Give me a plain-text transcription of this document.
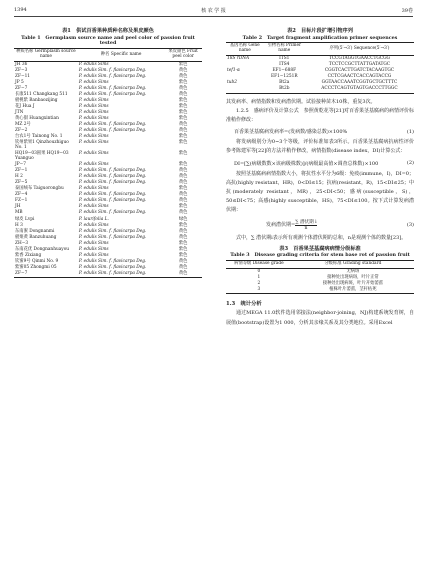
1394	核 农 学 报	39卷
表1　供试百香果种质种名称及果皮颜色
Table 1　Germplasm source name and peel color of passion fruit tested
种质名称 Germplasm source name	种名 Specific name	果皮颜色 Fruit peel color
JH 36	P. edulis Sims	紫色
ZF−3	P. edulis Sim. f. flavicarpa Deg.	黄色
ZF−11	P. edulis Sim. f. flavicarpa Deg.	黄色
JP 5	P. edulis Sims	紫色
ZF−7	P. edulis Sim. f. flavicarpa Deg.	黄色
长康511 Changkang 511	P. edulis Sim. f. flavicarpa Deg.	黄色
板桃紫 Banbaozijing	P. edulis Sims	紫色
花J Hua J	P. edulis Sims	紫色
JTN	P. edulis Sims	紫色
黄心甜 Huangxintian	P. edulis Sims	紫色
MZ 2号	P. edulis Sim. f. flavicarpa Deg.	黄色
ZF−2	P. edulis Sim. f. flavicarpa Deg.	黄色
台农1号 Tainong No. 1	P. edulis Sims	紫色
钦州紫果1 Qinzhouzhiguo No. 1	P. edulis Sims	紫色
HQ19−03圆果 HQ19−03 Yuanguo	P. edulis Sims	紫色
JP−7	P. edulis Sims	紫色
ZF−1	P. edulis Sim. f. flavicarpa Deg.	黄色
H 2	P. edulis Sim. f. flavicarpa Deg.	黄色
ZF−5	P. edulis Sim. f. flavicarpa Deg.	黄色
泰国绒布 Taiguorongbu	P. edulis Sims	紫色
ZF−4	P. edulis Sim. f. flavicarpa Deg.	黄色
FZ−1	P. edulis Sim. f. flavicarpa Deg.	黄色
JH	P. edulis Sims	紫色
MB	P. edulis Sim. f. flavicarpa Deg.	黄色
绿皮 Lvpi	P. laurifolia L.	绿色
H 3	P. edulis Sims	紫色
东南蜜 Dongnanmi	P. edulis Sim. f. flavicarpa Deg.	黄色
板栗黄 Banzuhuang	P. edulis Sim. f. flavicarpa Deg.	黄色
ZH−3	P. edulis Sims	紫色
东南花优 Dongnanhuayou	P. edulis Sims	紫色
紫香 Zixiang	P. edulis Sims	紫色
钦蜜9号 Qinmi No. 9	P. edulis Sim. f. flavicarpa Deg.	黄色
紫蜜05 Zhongmi 05	P. edulis Sim. f. flavicarpa Deg.	黄色
ZF−7	P. edulis Sim. f. flavicarpa Deg.	黄色
表2　目标片段扩增引物序列
Table 2　Target fragment amplification primer sequences
基因名称 Gene name	引物名称 Primer name	序列(5′→3′) Sequence(5′→3′)
18S rDNA	ITS1	TCCGTAGGTGAACCTGCGG
	ITS4	TCCTCCGCTTATTGATATGC
tef1-α	EF1−688F	CGGTCACTTGATCTACAAGTGC
	EF1−1251R	CCTCGAACTCACCAGTACCG
tub2	Bt2a	GGTAACCAAATCGGTGCTGCTTTC
	Bt2b	ACCCTCAGTGTAGTGACCCTTGGC

其发病率、病情指数和发病潜伏期。试验接种苗木10株，重复3次。

1.2.5　感病评价及计算公式　参照黄乾花等[21]对百香果茎基腐病的病情评价标准稍作修改：

百香果茎基腐病发病率=(发病数/感染总数)×100%	(1)

将发病级别分为0~3个等级，评价标准如表3所示。百香果茎基腐病抗病性评价参考陈建军等[22]的方法并稍作修改，病情指数(disease index，DI)计算公式：

DI=[∑(病级数数×该病级株数)]/(病级最高值×调查总株数)×100	(2)

按照茎基腐病病情指数大小，将抗性水平分为6级：免疫(immune，I)，DI=0；高抗(highly resistant，HR)，0<DI≤15；抗病(resistant，R)，15<DI≤25；中抗(moderately resistant，MR)，25<DI<50；感病(susceptible，S)，50≤DI<75；高感(highly susceptible，HS)，75<DI≤100。按下式计算发病潜伏期：

发病潜伏期= $\frac{\text{∑ 潜伏期 i}}{n}$	(3)

式中，∑ 潜伏期i表示所有观测个体潜伏期的总和，n是观测个体的数量[23]。

表3　百香果茎基腐病病情分级标准
Table 3　Disease grading criteria for stem base rot of passion fruit
病情等级 Disease grade	分级标准 Grading standard
0	无病斑
1	接种处出现病斑，叶片正常
2	接种处出现病斑，叶片开始萎蔫
3	植株叶片萎蔫，茎秆枯死
1.3　统计分析

通过MEGA 11.0软件选用邻接法(neighbor-joining，NJ)构建系统发育树，自展值(bootstrap)设置为1 000，分析其亲缘关系及其分类地位。采用Excel
